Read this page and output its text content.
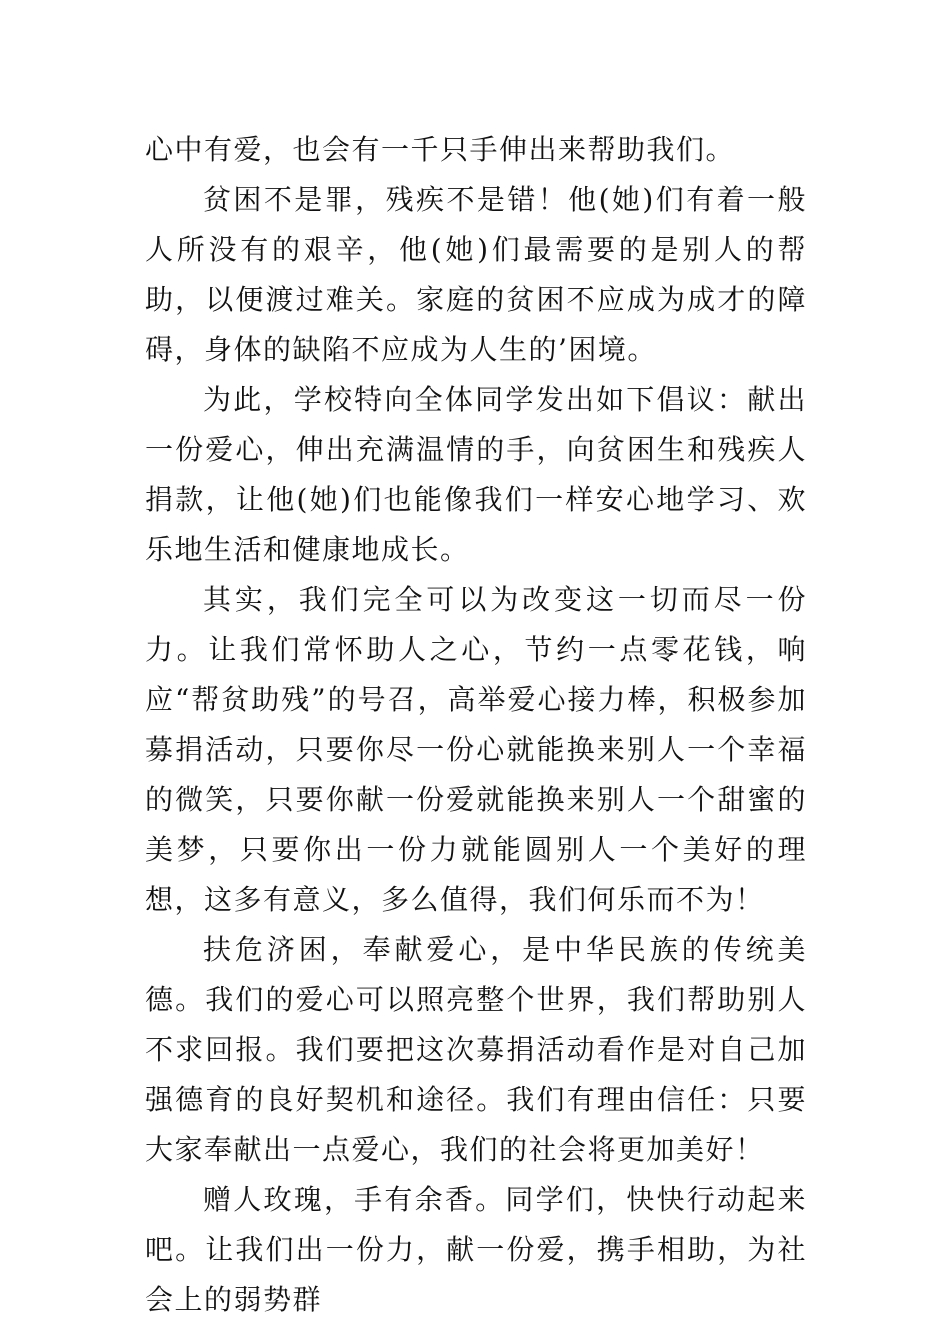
心中有爱，也会有一千只手伸出来帮助我们。

贫困不是罪，残疾不是错！他(她)们有着一般人所没有的艰辛，他(她)们最需要的是别人的帮助，以便渡过难关。家庭的贫困不应成为成才的障碍，身体的缺陷不应成为人生的’困境。

为此，学校特向全体同学发出如下倡议：献出一份爱心，伸出充满温情的手，向贫困生和残疾人捐款，让他(她)们也能像我们一样安心地学习、欢乐地生活和健康地成长。

其实，我们完全可以为改变这一切而尽一份力。让我们常怀助人之心，节约一点零花钱，响应“帮贫助残”的号召，高举爱心接力棒，积极参加募捐活动，只要你尽一份心就能换来别人一个幸福的微笑，只要你献一份爱就能换来别人一个甜蜜的美梦，只要你出一份力就能圆别人一个美好的理想，这多有意义，多么值得，我们何乐而不为！

扶危济困，奉献爱心，是中华民族的传统美德。我们的爱心可以照亮整个世界，我们帮助别人不求回报。我们要把这次募捐活动看作是对自己加强德育的良好契机和途径。我们有理由信任：只要大家奉献出一点爱心，我们的社会将更加美好！

赠人玫瑰，手有余香。同学们，快快行动起来吧。让我们出一份力，献一份爱，携手相助，为社会上的弱势群
